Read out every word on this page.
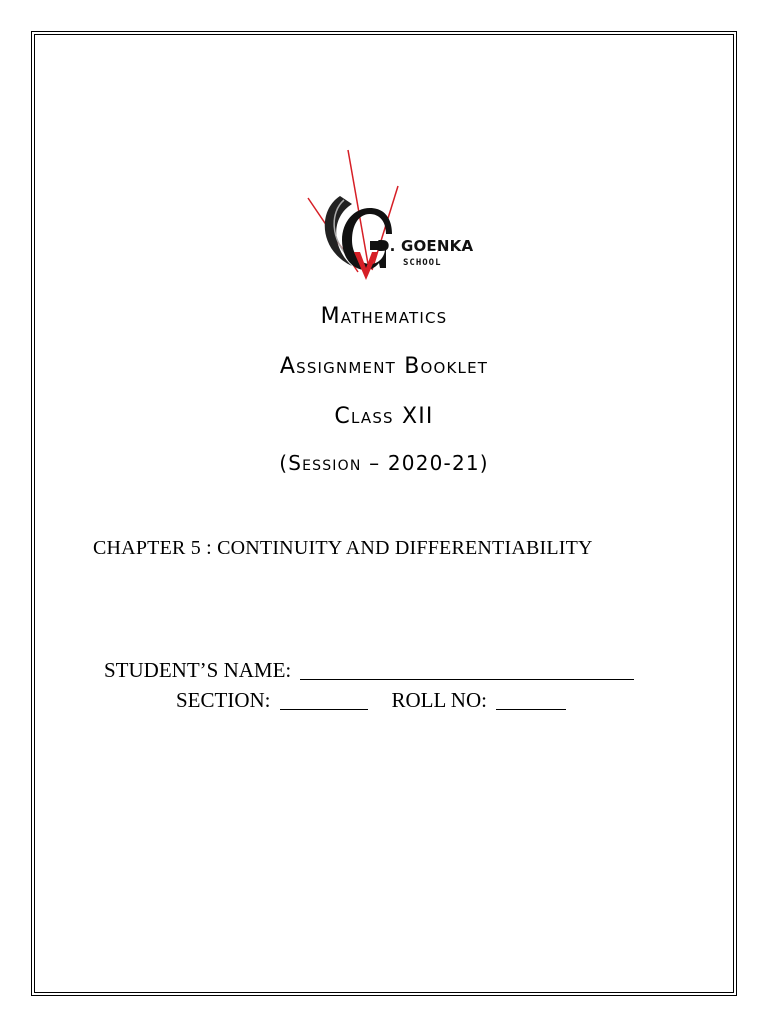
D. GOENKA
SCHOOL
Mathematics
Assignment Booklet
Class XII
(Session – 2020-21)
CHAPTER 5 : CONTINUITY AND DIFFERENTIABILITY
STUDENT’S NAME:
SECTION:	ROLL NO:
